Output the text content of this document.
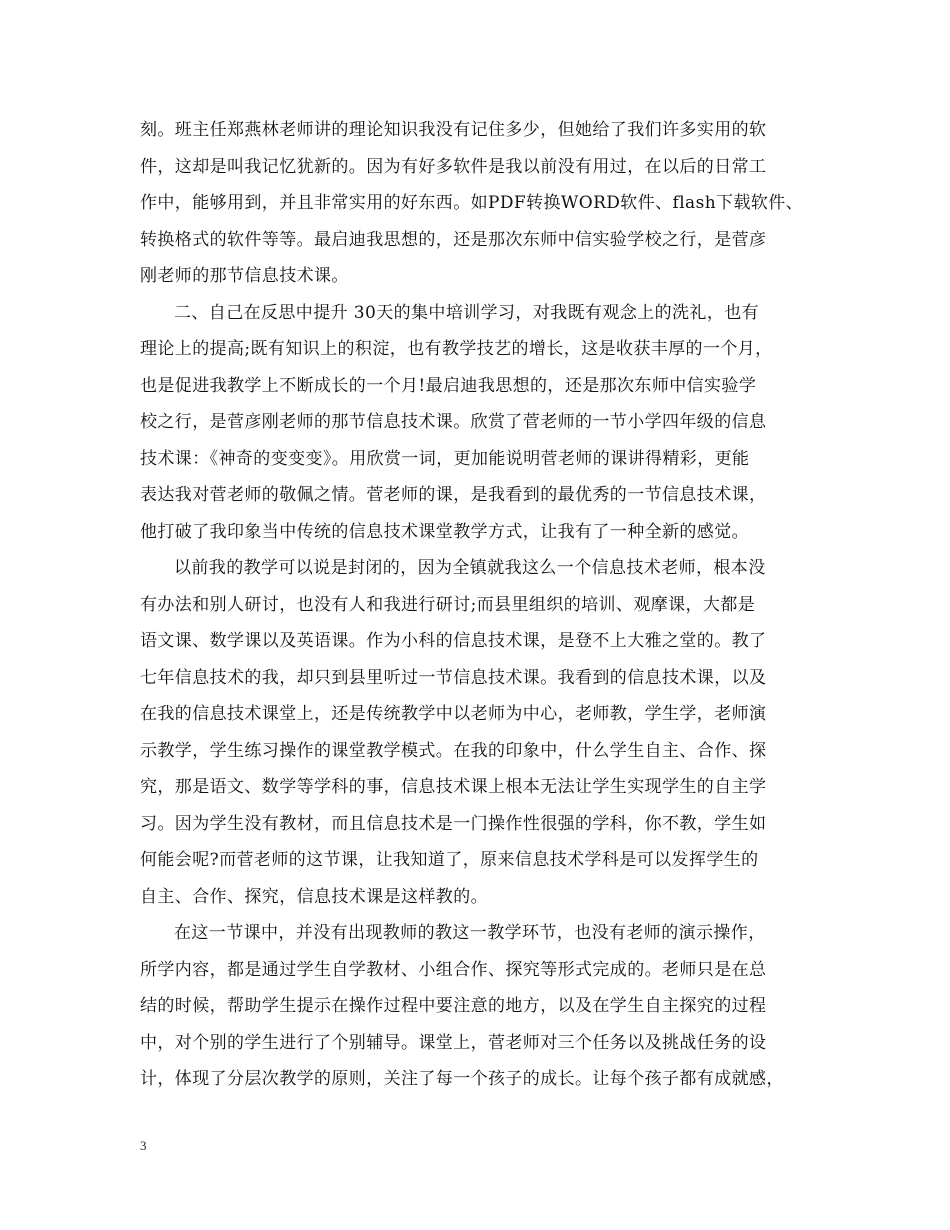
刻。班主任郑燕林老师讲的理论知识我没有记住多少，但她给了我们许多实用的软
件，这却是叫我记忆犹新的。因为有好多软件是我以前没有用过，在以后的日常工
作中，能够用到，并且非常实用的好东西。如PDF转换WORD软件、flash下载软件、
转换格式的软件等等。最启迪我思想的，还是那次东师中信实验学校之行，是菅彦
刚老师的那节信息技术课。
二、自己在反思中提升 30天的集中培训学习，对我既有观念上的洗礼，也有
理论上的提高;既有知识上的积淀，也有教学技艺的增长，这是收获丰厚的一个月，
也是促进我教学上不断成长的一个月!最启迪我思想的，还是那次东师中信实验学
校之行，是菅彦刚老师的那节信息技术课。欣赏了菅老师的一节小学四年级的信息
技术课：《神奇的变变变》。用欣赏一词，更加能说明菅老师的课讲得精彩，更能
表达我对菅老师的敬佩之情。菅老师的课，是我看到的最优秀的一节信息技术课，
他打破了我印象当中传统的信息技术课堂教学方式，让我有了一种全新的感觉。
以前我的教学可以说是封闭的，因为全镇就我这么一个信息技术老师，根本没
有办法和别人研讨，也没有人和我进行研讨;而县里组织的培训、观摩课，大都是
语文课、数学课以及英语课。作为小科的信息技术课，是登不上大雅之堂的。教了
七年信息技术的我，却只到县里听过一节信息技术课。我看到的信息技术课，以及
在我的信息技术课堂上，还是传统教学中以老师为中心，老师教，学生学，老师演
示教学，学生练习操作的课堂教学模式。在我的印象中，什么学生自主、合作、探
究，那是语文、数学等学科的事，信息技术课上根本无法让学生实现学生的自主学
习。因为学生没有教材，而且信息技术是一门操作性很强的学科，你不教，学生如
何能会呢?而菅老师的这节课，让我知道了，原来信息技术学科是可以发挥学生的
自主、合作、探究，信息技术课是这样教的。
在这一节课中，并没有出现教师的教这一教学环节，也没有老师的演示操作，
所学内容，都是通过学生自学教材、小组合作、探究等形式完成的。老师只是在总
结的时候，帮助学生提示在操作过程中要注意的地方，以及在学生自主探究的过程
中，对个别的学生进行了个别辅导。课堂上，菅老师对三个任务以及挑战任务的设
计，体现了分层次教学的原则，关注了每一个孩子的成长。让每个孩子都有成就感，
3
